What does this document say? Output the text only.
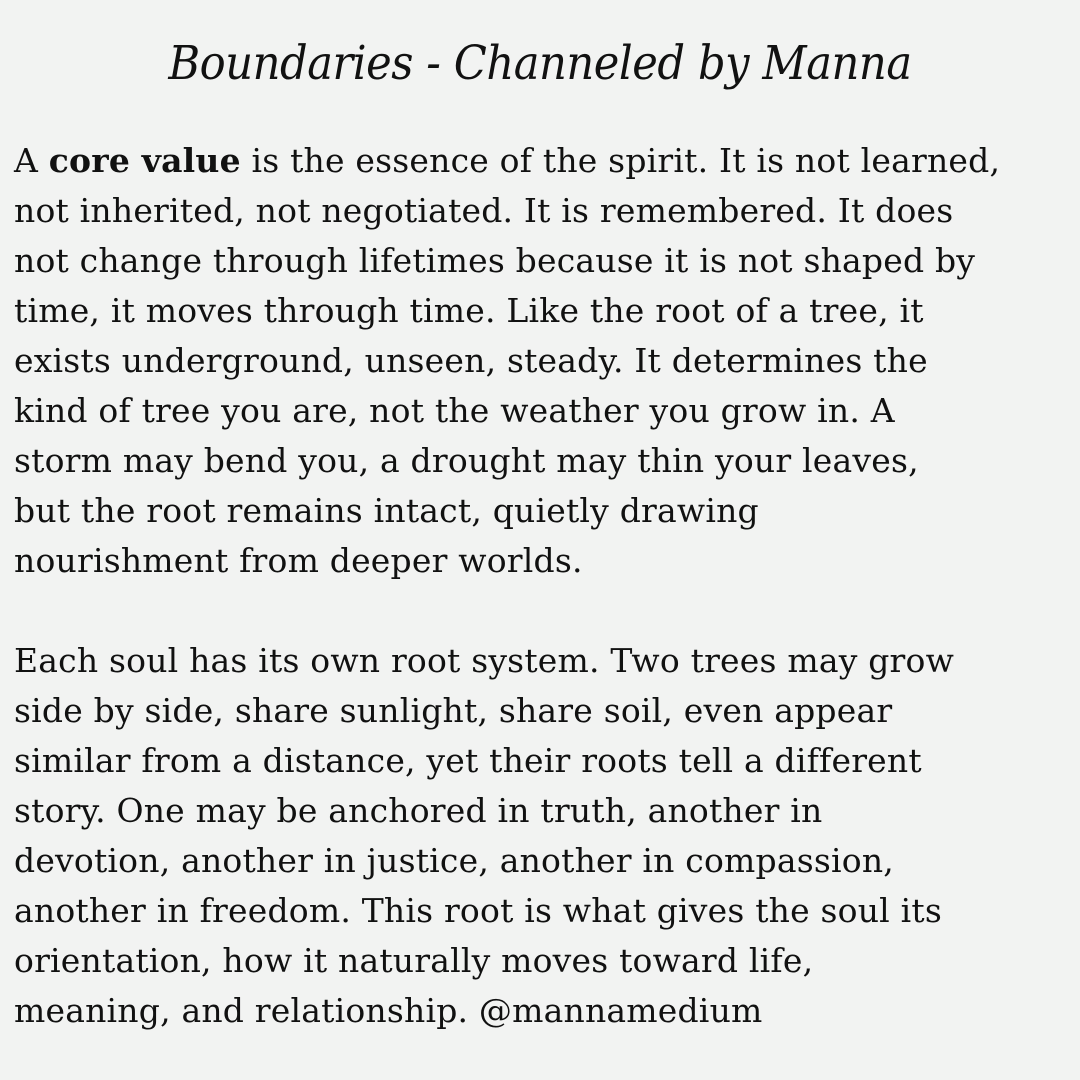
Boundaries - Channeled by Manna
A core value is the essence of the spirit. It is not learned,
not inherited, not negotiated. It is remembered. It does
not change through lifetimes because it is not shaped by
time, it moves through time. Like the root of a tree, it
exists underground, unseen, steady. It determines the
kind of tree you are, not the weather you grow in. A
storm may bend you, a drought may thin your leaves,
but the root remains intact, quietly drawing
nourishment from deeper worlds.
Each soul has its own root system. Two trees may grow
side by side, share sunlight, share soil, even appear
similar from a distance, yet their roots tell a different
story. One may be anchored in truth, another in
devotion, another in justice, another in compassion,
another in freedom. This root is what gives the soul its
orientation, how it naturally moves toward life,
meaning, and relationship. @mannamedium
